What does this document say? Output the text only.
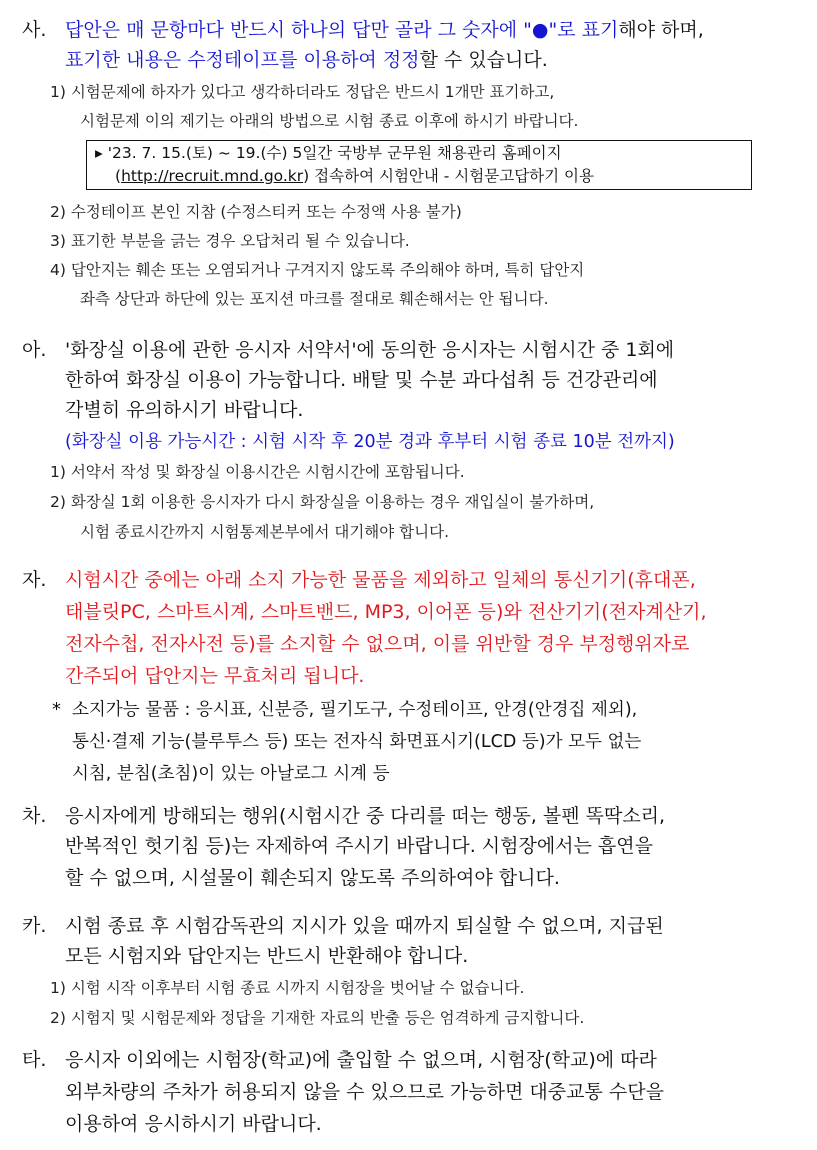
사. 답안은 매 문항마다 반드시 하나의 답만 골라 그 숫자에 "●"로 표기 해야 하며,
표기한 내용은 수정테이프를 이용하여 정정 할 수 있습니다.
1) 시험문제에 하자가 있다고 생각하더라도 정답은 반드시 1개만 표기하고,
시험문제 이의 제기는 아래의 방법으로 시험 종료 이후에 하시기 바랍니다.
▸ '23. 7. 15.(토) ~ 19.(수) 5일간 국방부 군무원 채용관리 홈페이지
(http://recruit.mnd.go.kr) 접속하여 시험안내 - 시험묻고답하기 이용
2) 수정테이프 본인 지참 (수정스티커 또는 수정액 사용 불가)
3) 표기한 부분을 긁는 경우 오답처리 될 수 있습니다.
4) 답안지는 훼손 또는 오염되거나 구겨지지 않도록 주의해야 하며, 특히 답안지
좌측 상단과 하단에 있는 포지션 마크를 절대로 훼손해서는 안 됩니다.
아. '화장실 이용에 관한 응시자 서약서'에 동의한 응시자는 시험시간 중 1회에
한하여 화장실 이용이 가능합니다. 배탈 및 수분 과다섭취 등 건강관리에
각별히 유의하시기 바랍니다.
(화장실 이용 가능시간 : 시험 시작 후 20분 경과 후부터 시험 종료 10분 전까지)
1) 서약서 작성 및 화장실 이용시간은 시험시간에 포함됩니다.
2) 화장실 1회 이용한 응시자가 다시 화장실을 이용하는 경우 재입실이 불가하며,
시험 종료시간까지 시험통제본부에서 대기해야 합니다.
자. 시험시간 중에는 아래 소지 가능한 물품을 제외하고 일체의 통신기기(휴대폰,
태블릿PC, 스마트시계, 스마트밴드, MP3, 이어폰 등)와 전산기기(전자계산기,
전자수첩, 전자사전 등)를 소지할 수 없으며, 이를 위반할 경우 부정행위자로
간주되어 답안지는 무효처리 됩니다.
* 소지가능 물품 : 응시표, 신분증, 필기도구, 수정테이프, 안경(안경집 제외),
통신·결제 기능(블루투스 등) 또는 전자식 화면표시기(LCD 등)가 모두 없는
시침, 분침(초침)이 있는 아날로그 시계 등
차. 응시자에게 방해되는 행위(시험시간 중 다리를 떠는 행동, 볼펜 똑딱소리,
반복적인 헛기침 등)는 자제하여 주시기 바랍니다. 시험장에서는 흡연을
할 수 없으며, 시설물이 훼손되지 않도록 주의하여야 합니다.
카. 시험 종료 후 시험감독관의 지시가 있을 때까지 퇴실할 수 없으며, 지급된
모든 시험지와 답안지는 반드시 반환해야 합니다.
1) 시험 시작 이후부터 시험 종료 시까지 시험장을 벗어날 수 없습니다.
2) 시험지 및 시험문제와 정답을 기재한 자료의 반출 등은 엄격하게 금지합니다.
타. 응시자 이외에는 시험장(학교)에 출입할 수 없으며, 시험장(학교)에 따라
외부차량의 주차가 허용되지 않을 수 있으므로 가능하면 대중교통 수단을
이용하여 응시하시기 바랍니다.
